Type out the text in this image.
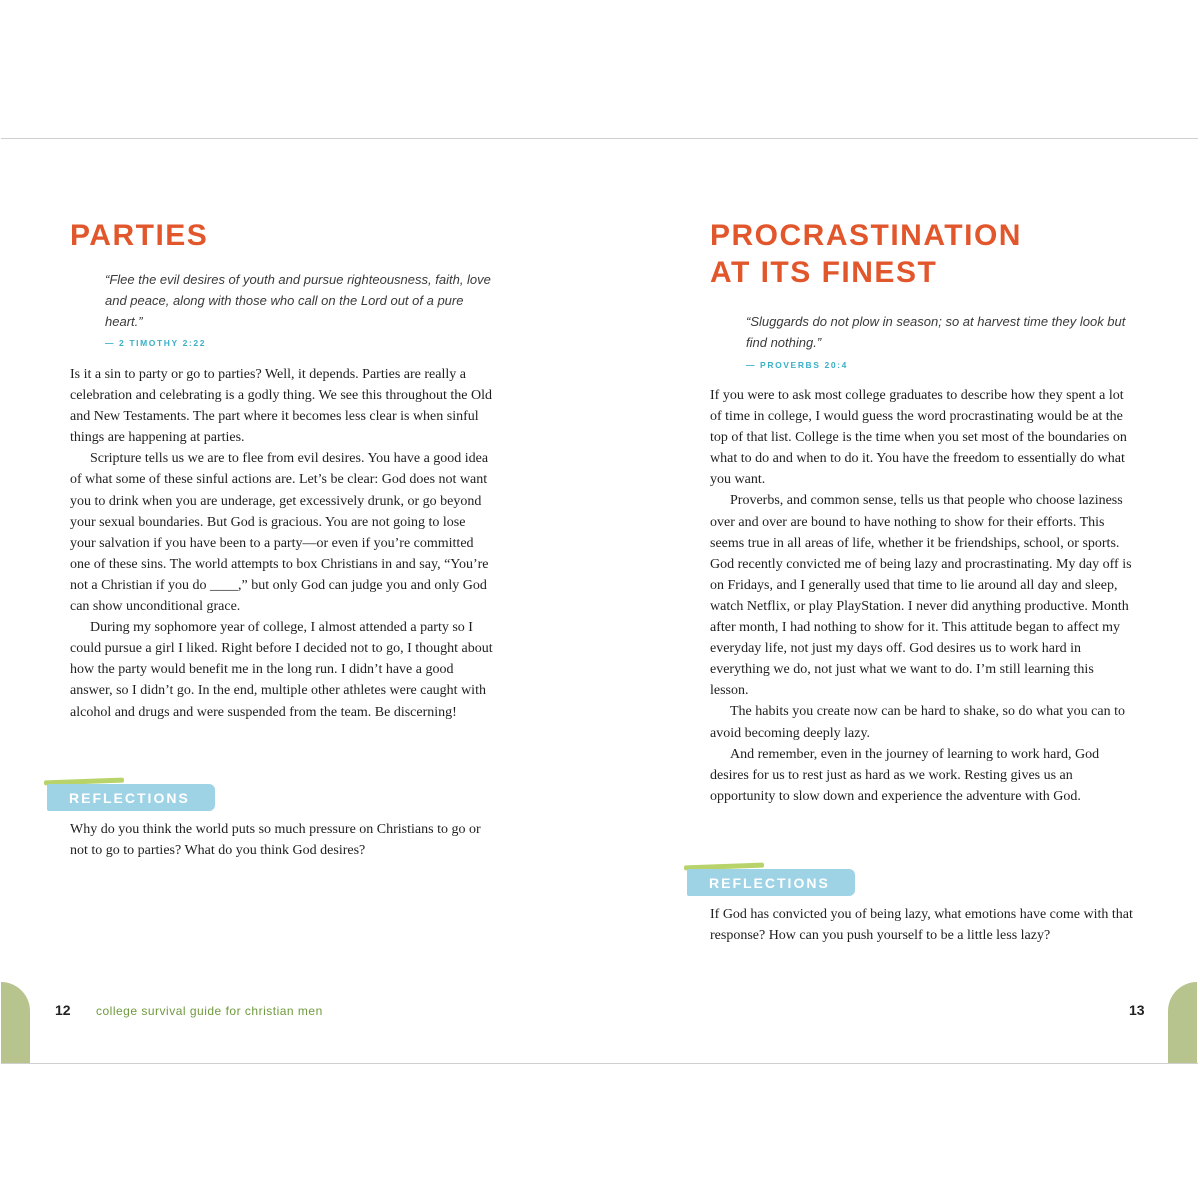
PARTIES

“Flee the evil desires of youth and pursue righteousness, faith, love and peace, along with those who call on the Lord out of a pure heart.”

— 2 TIMOTHY 2:22

Is it a sin to party or go to parties? Well, it depends. Parties are really a celebration and celebrating is a godly thing. We see this throughout the Old and New Testaments. The part where it becomes less clear is when sinful things are happening at parties.

Scripture tells us we are to flee from evil desires. You have a good idea of what some of these sinful actions are. Let’s be clear: God does not want you to drink when you are underage, get excessively drunk, or go beyond your sexual boundaries. But God is gracious. You are not going to lose your salvation if you have been to a party—or even if you’re committed one of these sins. The world attempts to box Christians in and say, “You’re not a Christian if you do ____,” but only God can judge you and only God can show unconditional grace.

During my sophomore year of college, I almost attended a party so I could pursue a girl I liked. Right before I decided not to go, I thought about how the party would benefit me in the long run. I didn’t have a good answer, so I didn’t go. In the end, multiple other athletes were caught with alcohol and drugs and were suspended from the team. Be discerning!

REFLECTIONS

Why do you think the world puts so much pressure on Christians to go or not to go to parties? What do you think God desires?

12 college survival guide for christian men
PROCRASTINATION
AT ITS FINEST

“Sluggards do not plow in season; so at harvest time they look but find nothing.”

— PROVERBS 20:4

If you were to ask most college graduates to describe how they spent a lot of time in college, I would guess the word procrastinating would be at the top of that list. College is the time when you set most of the boundaries on what to do and when to do it. You have the freedom to essentially do what you want.

Proverbs, and common sense, tells us that people who choose laziness over and over are bound to have nothing to show for their efforts. This seems true in all areas of life, whether it be friendships, school, or sports. God recently convicted me of being lazy and procrastinating. My day off is on Fridays, and I generally used that time to lie around all day and sleep, watch Netflix, or play PlayStation. I never did anything productive. Month after month, I had nothing to show for it. This attitude began to affect my everyday life, not just my days off. God desires us to work hard in everything we do, not just what we want to do. I’m still learning this lesson.

The habits you create now can be hard to shake, so do what you can to avoid becoming deeply lazy.

And remember, even in the journey of learning to work hard, God desires for us to rest just as hard as we work. Resting gives us an opportunity to slow down and experience the adventure with God.

REFLECTIONS

If God has convicted you of being lazy, what emotions have come with that response? How can you push yourself to be a little less lazy?

13
